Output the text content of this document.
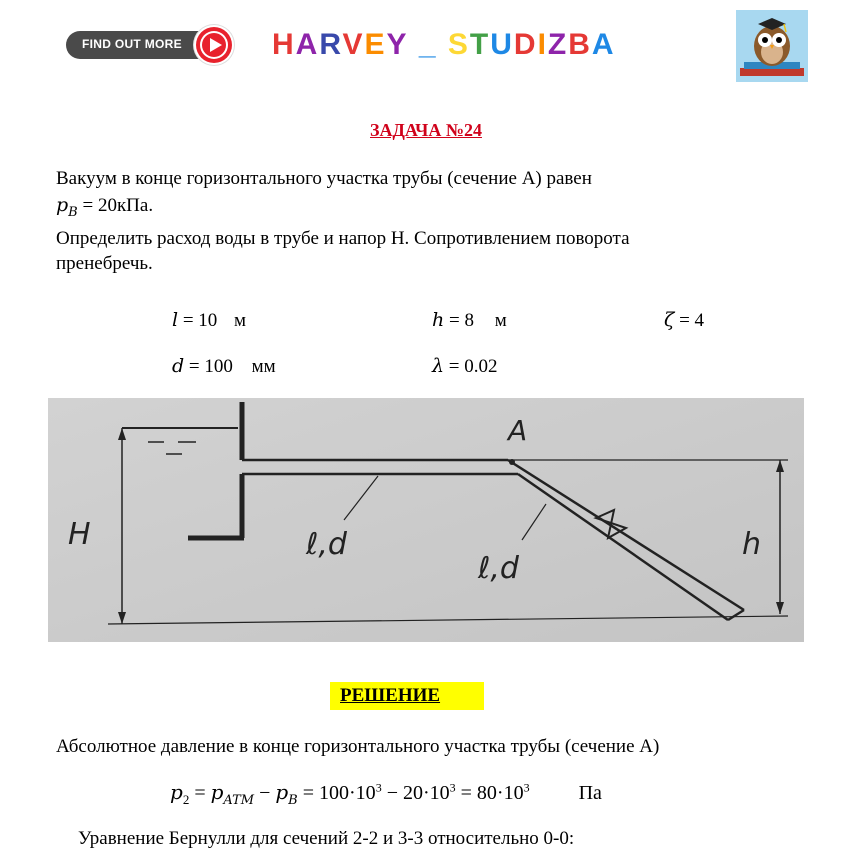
FIND OUT MORE	HARVEY _ STUDIZBA
ЗАДАЧА №24
Вакуум в конце горизонтального участка трубы (сечение А) равен
$p_B = 20кПа$.
Определить расход воды в трубе и напор Н. Сопротивлением поворота
пренебречь.
l = 10 м	h = 8 м	ζ = 4
d = 100 мм	λ = 0.02
A
H	h
ℓ,d
ℓ,d
РЕШЕНИЕ
Абсолютное давление в конце горизонтального участка трубы (сечение А)
$p_2 = p_{ATM} - p_B = 100\cdot 10^3 - 20\cdot 10^3 = 80\cdot 10^3$ Па
Уравнение Бернулли для сечений 2-2 и 3-3 относительно 0-0:
